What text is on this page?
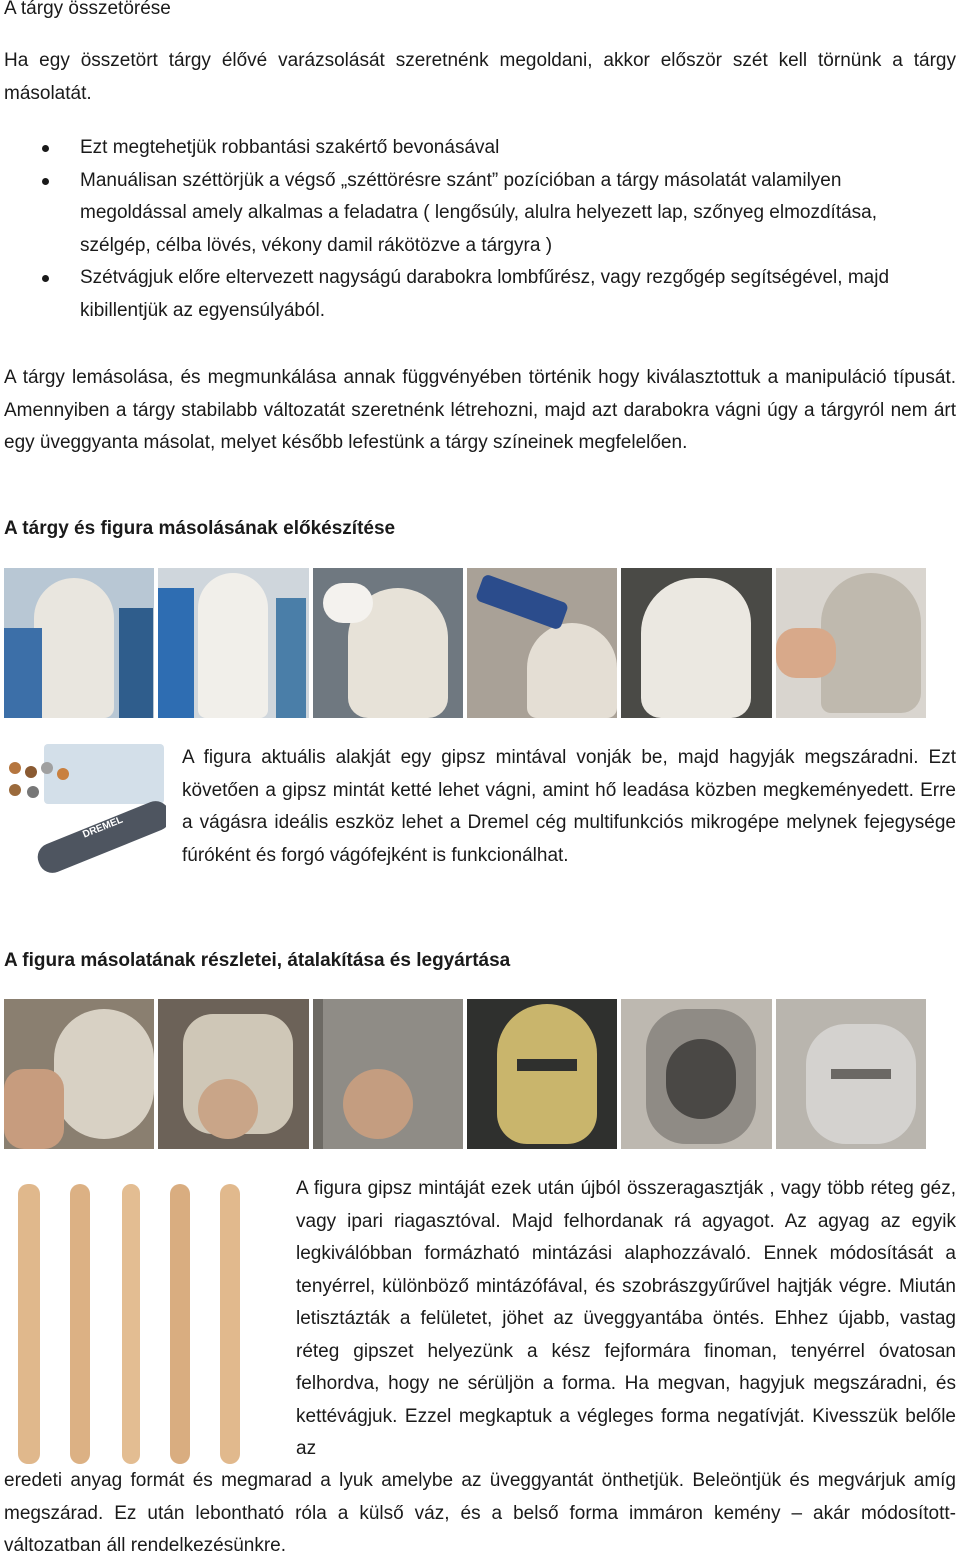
A tárgy összetörése

Ha egy összetört tárgy élővé varázsolását szeretnénk megoldani, akkor először szét kell törnünk a tárgy másolatát.

Ezt megtehetjük robbantási szakértő bevonásával
Manuálisan széttörjük a végső „széttörésre szánt” pozícióban a tárgy másolatát valamilyen megoldással amely alkalmas a feladatra ( lengősúly, alulra helyezett lap, szőnyeg elmozdítása, szélgép, célba lövés, vékony damil rákötözve a tárgyra )
Szétvágjuk előre eltervezett nagyságú darabokra lombfűrész, vagy rezgőgép segítségével, majd kibillentjük az egyensúlyából.

A tárgy lemásolása, és megmunkálása annak függvényében történik hogy kiválasztottuk a manipuláció típusát. Amennyiben a tárgy stabilabb változatát szeretnénk létrehozni, majd azt darabokra vágni úgy a tárgyról nem árt egy üveggyanta másolat, melyet később lefestünk a tárgy színeinek megfelelően.

A tárgy és figura másolásának előkészítése

DREMEL

A figura aktuális alakját egy gipsz mintával vonják be, majd hagyják megszáradni. Ezt követően a gipsz mintát ketté lehet vágni, amint hő leadása közben megkeményedett. Erre a vágásra ideális eszköz lehet a Dremel cég multifunkciós mikrogépe melynek fejegysége fúróként és forgó vágófejként is funkcionálhat.

A figura másolatának részletei, átalakítása és legyártása

A figura gipsz mintáját ezek után újból összeragasztják , vagy több réteg géz, vagy ipari riagasztóval. Majd felhordanak rá agyagot. Az agyag az egyik legkiválóbban formázható mintázási alaphozzávaló. Ennek módosítását a tenyérrel, különböző mintázófával, és szobrászgyűrűvel hajtják végre. Miután letisztázták a felületet, jöhet az üveggyantába öntés. Ehhez újabb, vastag réteg gipszet helyezünk a kész fejformára finoman, tenyérrel óvatosan felhordva, hogy ne sérüljön a forma. Ha megvan, hagyjuk megszáradni, és kettévágjuk. Ezzel megkaptuk a végleges forma negatívját. Kivesszük belőle az

eredeti anyag formát és megmarad a lyuk amelybe az üveggyantát önthetjük. Beleöntjük és megvárjuk amíg megszárad. Ez után lebontható róla a külső váz, és a belső forma immáron kemény – akár módosított- változatban áll rendelkezésünkre.
